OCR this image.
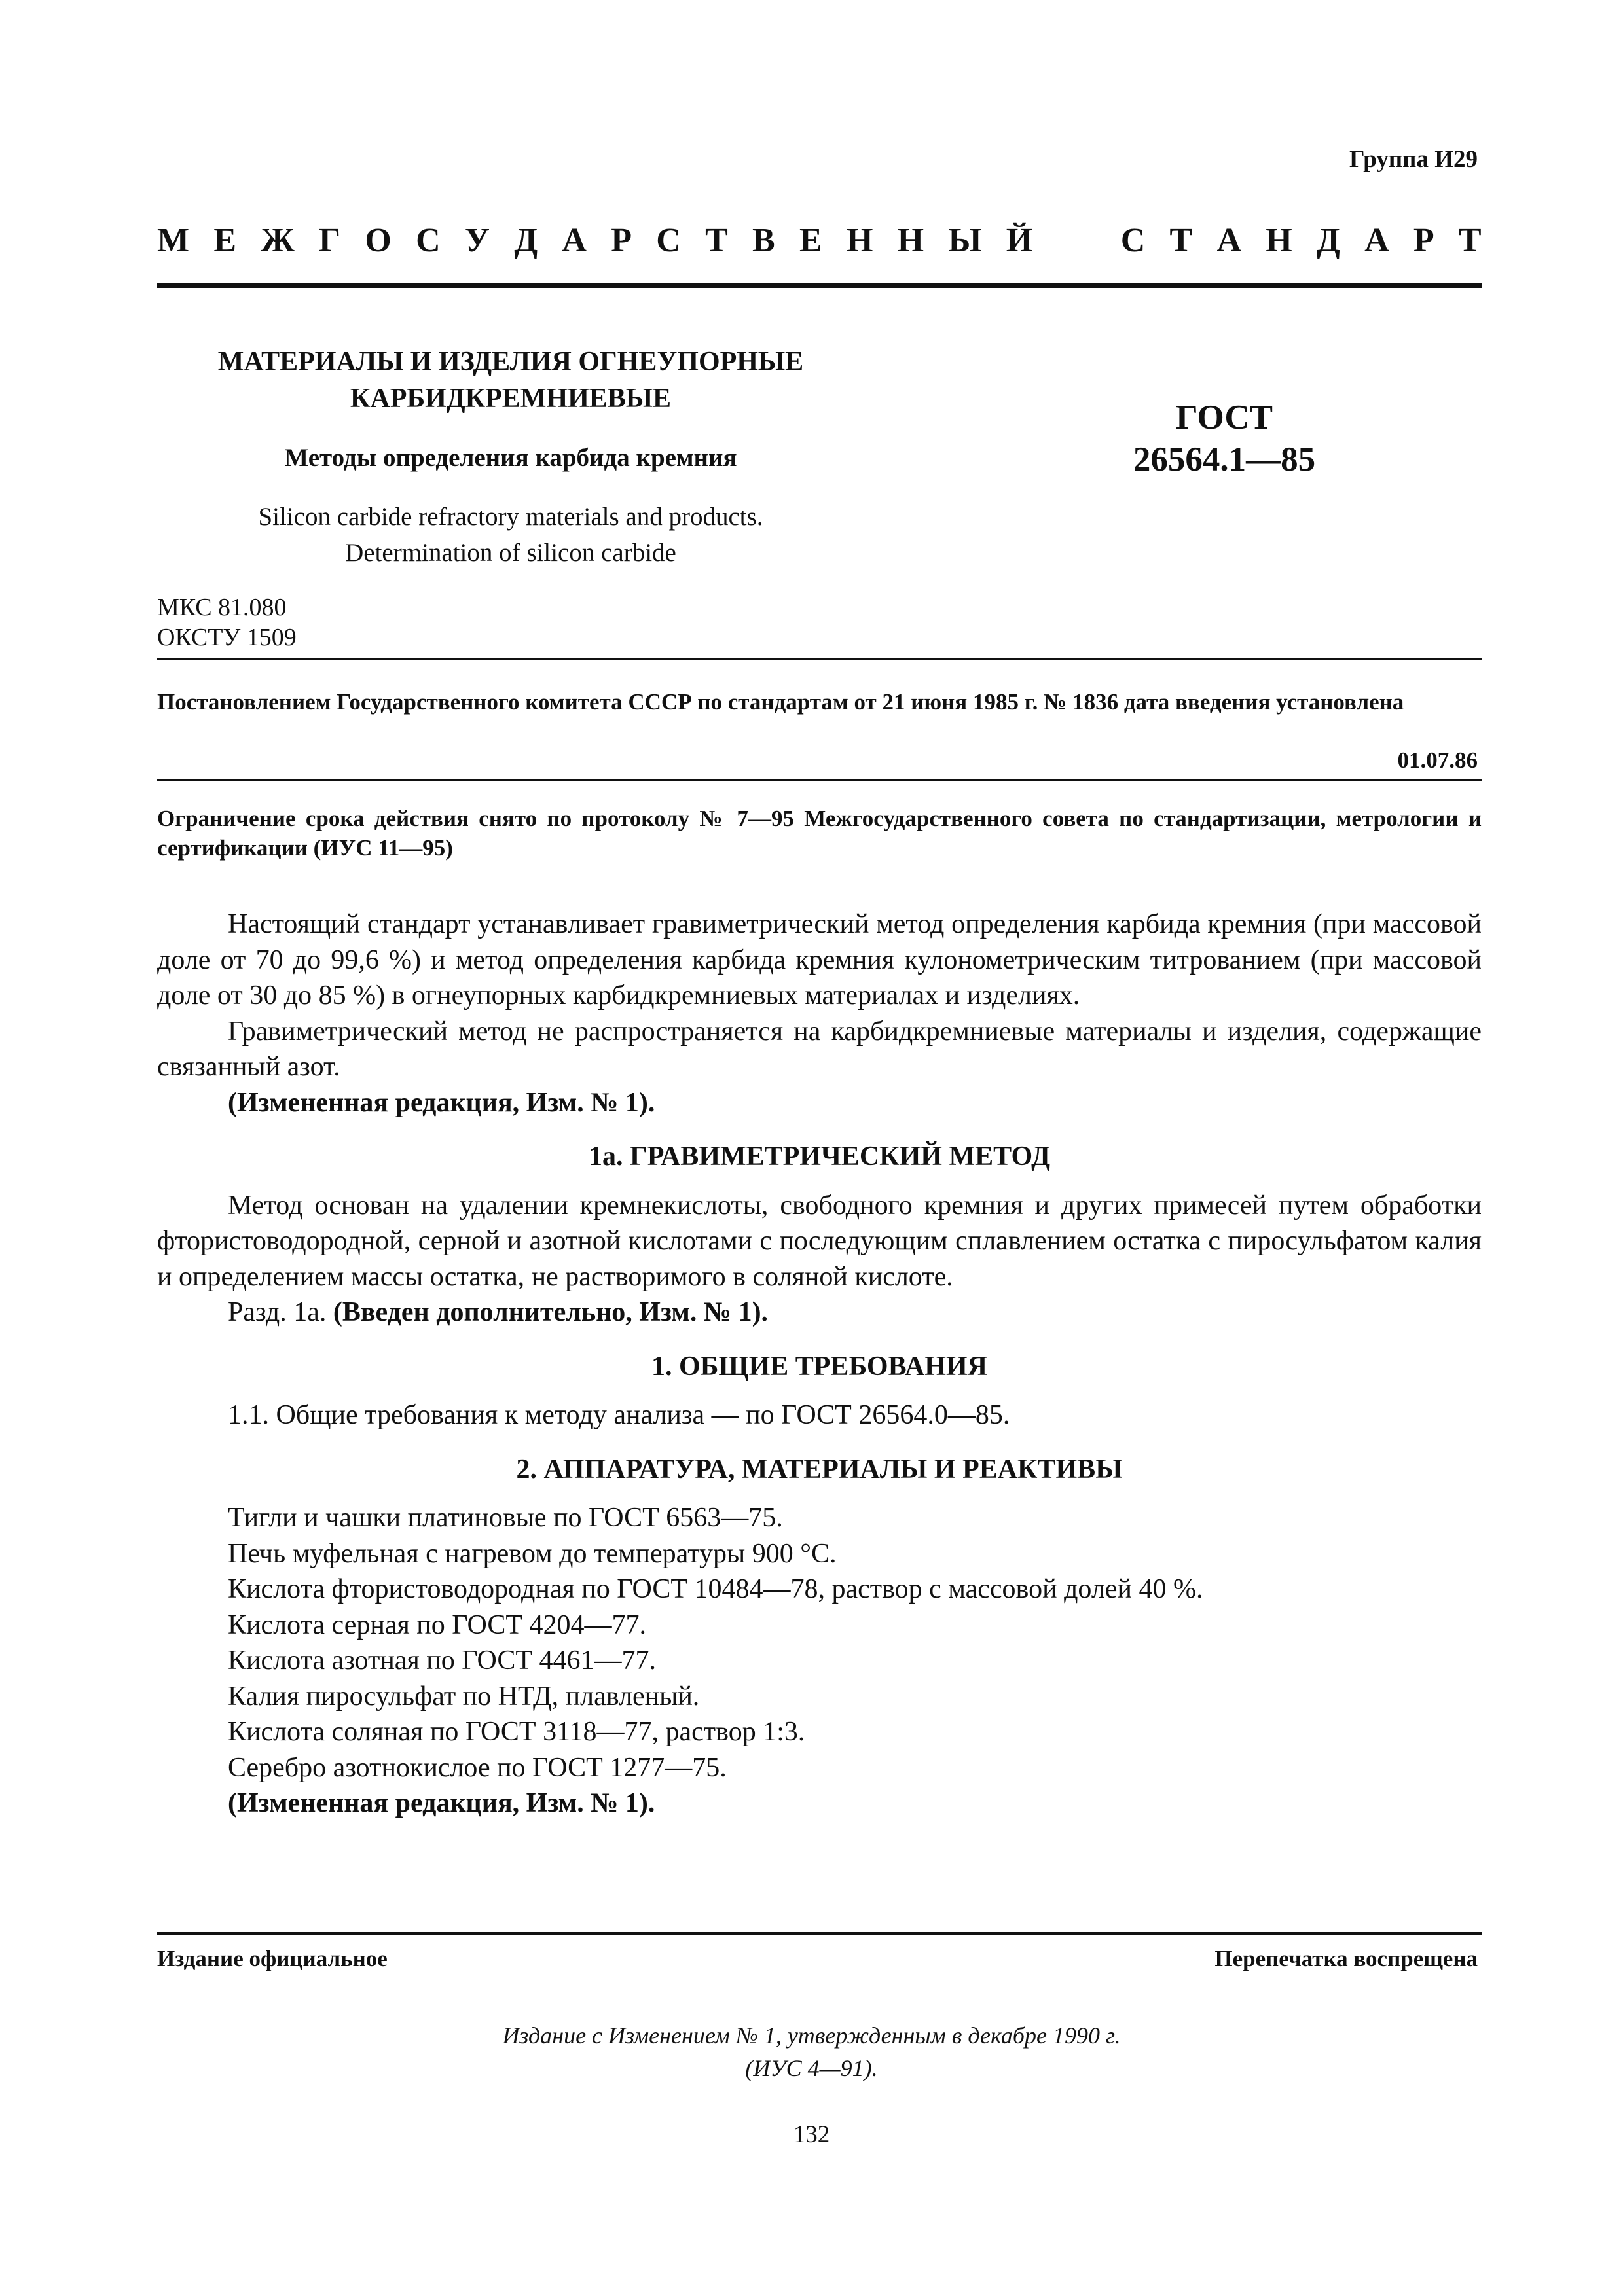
Группа И29
М Е Ж Г О С У Д А Р С Т В Е Н Н Ы Й	С Т А Н Д А Р Т
МАТЕРИАЛЫ И ИЗДЕЛИЯ ОГНЕУПОРНЫЕ
КАРБИДКРЕМНИЕВЫЕ
Методы определения карбида кремния
Silicon carbide refractory materials and products.
Determination of silicon carbide
ГОСТ
26564.1—85
МКС 81.080
ОКСТУ 1509
Постановлением Государственного комитета СССР по стандартам от 21 июня 1985 г. № 1836 дата введения установлена
01.07.86
Ограничение срока действия снято по протоколу № 7—95 Межгосударственного совета по стандартизации, метрологии и сертификации (ИУС 11—95)

Настоящий стандарт устанавливает гравиметрический метод определения карбида кремния (при массовой доле от 70 до 99,6 %) и метод определения карбида кремния кулонометрическим титрованием (при массовой доле от 30 до 85 %) в огнеупорных карбидкремниевых материалах и изделиях.

Гравиметрический метод не распространяется на карбидкремниевые материалы и изделия, содержащие связанный азот.

(Измененная редакция, Изм. № 1).

1а. ГРАВИМЕТРИЧЕСКИЙ МЕТОД

Метод основан на удалении кремнекислоты, свободного кремния и других примесей путем обработки фтористоводородной, серной и азотной кислотами с последующим сплавлением остатка с пиросульфатом калия и определением массы остатка, не растворимого в соляной кислоте.

Разд. 1а. (Введен дополнительно, Изм. № 1).

1. ОБЩИЕ ТРЕБОВАНИЯ

1.1. Общие требования к методу анализа — по ГОСТ 26564.0—85.

2. АППАРАТУРА, МАТЕРИАЛЫ И РЕАКТИВЫ

Тигли и чашки платиновые по ГОСТ 6563—75.

Печь муфельная с нагревом до температуры 900 °С.

Кислота фтористоводородная по ГОСТ 10484—78, раствор с массовой долей 40 %.

Кислота серная по ГОСТ 4204—77.

Кислота азотная по ГОСТ 4461—77.

Калия пиросульфат по НТД, плавленый.

Кислота соляная по ГОСТ 3118—77, раствор 1:3.

Серебро азотнокислое по ГОСТ 1277—75.

(Измененная редакция, Изм. № 1).

Издание официальное	Перепечатка воспрещена
Издание с Изменением № 1, утвержденным в декабре 1990 г.
(ИУС 4—91).
132
